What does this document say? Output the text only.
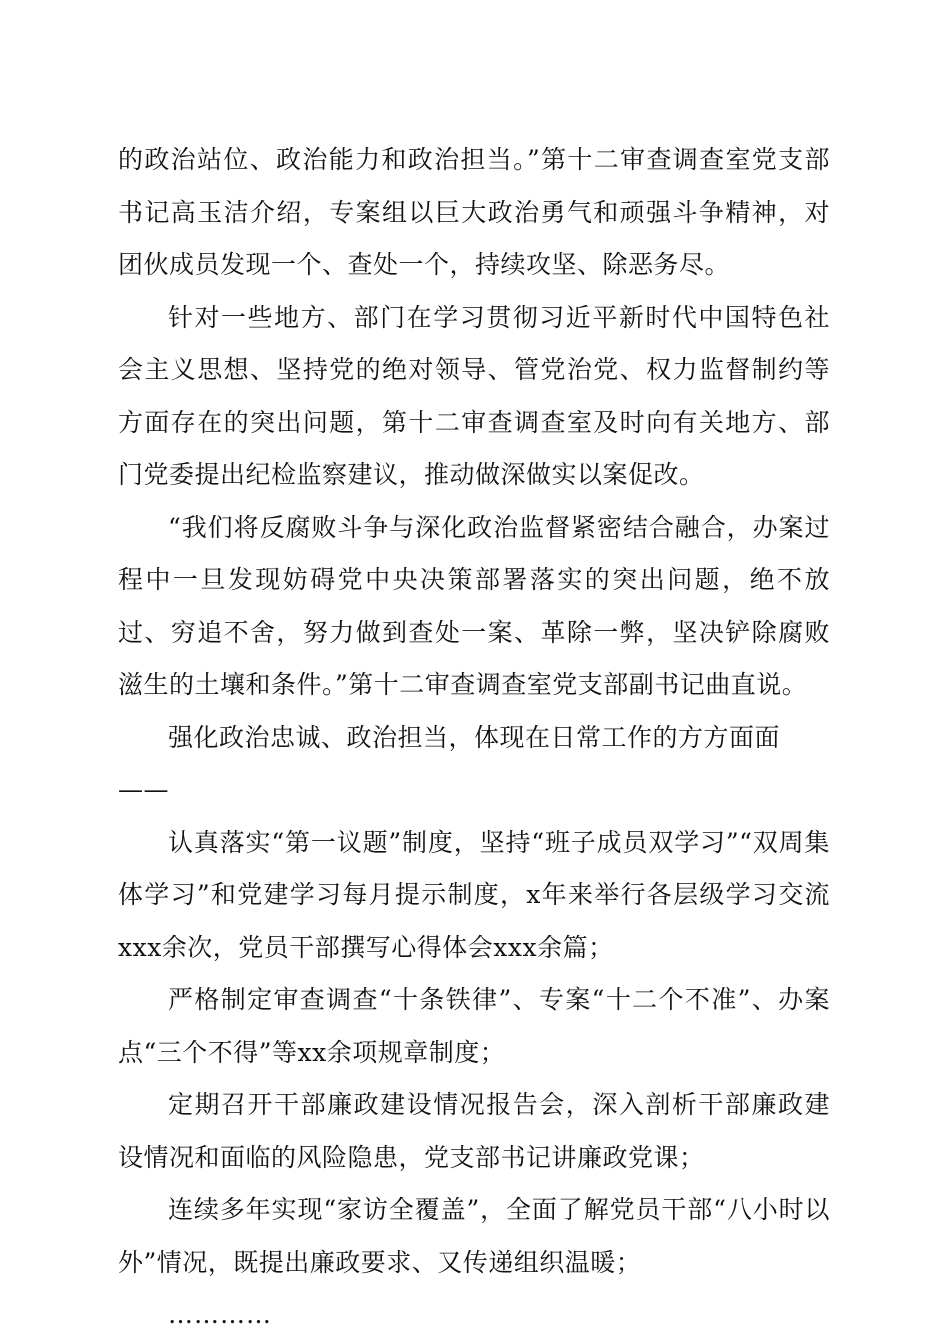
的政治站位、政治能力和政治担当。”第十二审查调查室党支部书记高玉洁介绍，专案组以巨大政治勇气和顽强斗争精神，对团伙成员发现一个、查处一个，持续攻坚、除恶务尽。

针对一些地方、部门在学习贯彻习近平新时代中国特色社会主义思想、坚持党的绝对领导、管党治党、权力监督制约等方面存在的突出问题，第十二审查调查室及时向有关地方、部门党委提出纪检监察建议，推动做深做实以案促改。

“我们将反腐败斗争与深化政治监督紧密结合融合，办案过程中一旦发现妨碍党中央决策部署落实的突出问题，绝不放过、穷追不舍，努力做到查处一案、革除一弊，坚决铲除腐败滋生的土壤和条件。”第十二审查调查室党支部副书记曲直说。

强化政治忠诚、政治担当，体现在日常工作的方方面面

——

认真落实“第一议题”制度，坚持“班子成员双学习”“双周集体学习”和党建学习每月提示制度，x年来举行各层级学习交流xxx余次，党员干部撰写心得体会xxx余篇；

严格制定审查调查“十条铁律”、专案“十二个不准”、办案点“三个不得”等xx余项规章制度；

定期召开干部廉政建设情况报告会，深入剖析干部廉政建设情况和面临的风险隐患，党支部书记讲廉政党课；

连续多年实现“家访全覆盖”，全面了解党员干部“八小时以外”情况，既提出廉政要求、又传递组织温暖；

…………
